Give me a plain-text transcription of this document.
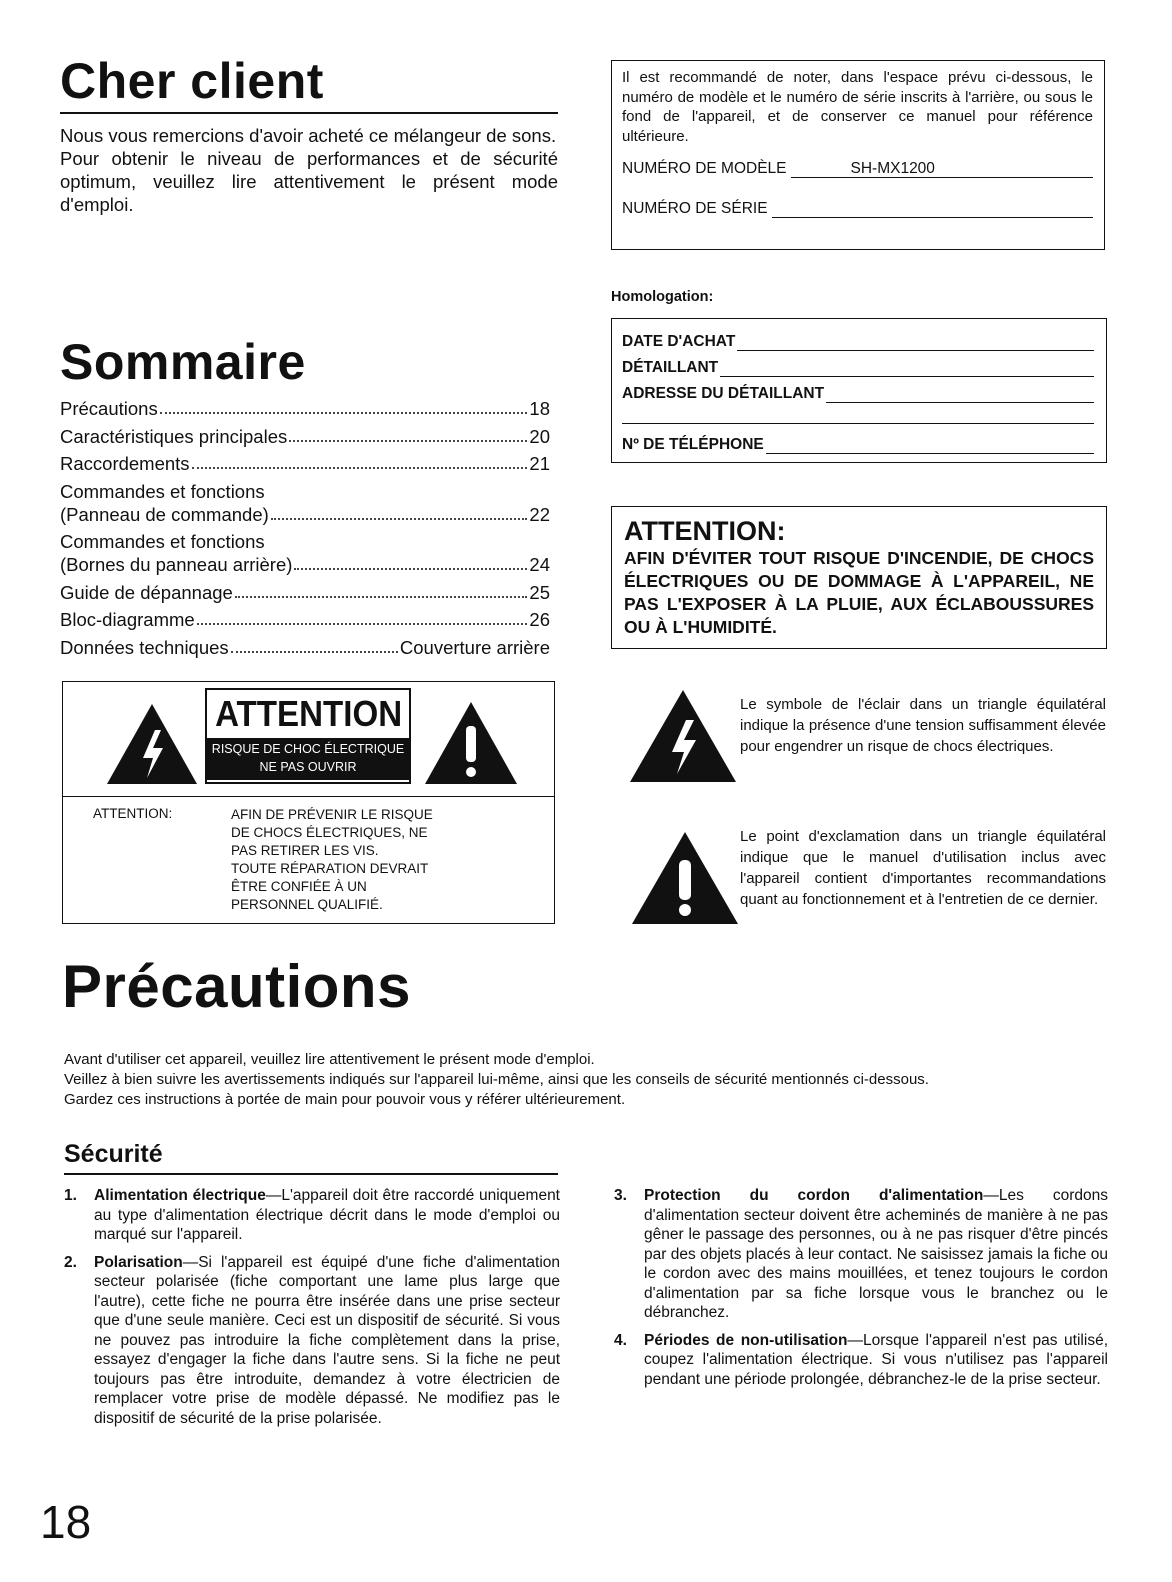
Cher client

Nous vous remercions d'avoir acheté ce mélangeur de sons.

Pour obtenir le niveau de performances et de sécurité optimum, veuillez lire attentivement le présent mode d'emploi.

Il est recommandé de noter, dans l'espace prévu ci-dessous, le numéro de modèle et le numéro de série inscrits à l'arrière, ou sous le fond de l'appareil, et de conserver ce manuel pour référence ultérieure.

NUMÉRO DE MODÈLE	SH-MX1200
NUMÉRO DE SÉRIE
Homologation:
DATE D'ACHAT
DÉTAILLANT
ADRESSE DU DÉTAILLANT
Nº DE TÉLÉPHONE
Sommaire
Précautions	18
Caractéristiques principales	20
Raccordements	21
Commandes et fonctions
(Panneau de commande)	22
Commandes et fonctions
(Bornes du panneau arrière)	24
Guide de dépannage	25
Bloc-diagramme	26
Données techniques	Couverture arrière
ATTENTION:

AFIN D'ÉVITER TOUT RISQUE D'INCENDIE, DE CHOCS ÉLECTRIQUES OU DE DOMMAGE À L'APPAREIL, NE PAS L'EXPOSER À LA PLUIE, AUX ÉCLABOUSSURES OU À L'HUMIDITÉ.

ATTENTION
RISQUE DE CHOC ÉLECTRIQUE
NE PAS OUVRIR
ATTENTION:	AFIN DE PRÉVENIR LE RISQUE
DE CHOCS ÉLECTRIQUES, NE
PAS RETIRER LES VIS.
TOUTE RÉPARATION DEVRAIT
ÊTRE CONFIÉE À UN
PERSONNEL QUALIFIÉ.

Le symbole de l'éclair dans un triangle équilatéral indique la présence d'une tension suffisamment élevée pour engendrer un risque de chocs électriques.

Le point d'exclamation dans un triangle équilatéral indique que le manuel d'utilisation inclus avec l'appareil contient d'importantes recommandations quant au fonctionnement et à l'entretien de ce dernier.

Précautions
Avant d'utiliser cet appareil, veuillez lire attentivement le présent mode d'emploi.
Veillez à bien suivre les avertissements indiqués sur l'appareil lui-même, ainsi que les conseils de sécurité mentionnés ci-dessous.
Gardez ces instructions à portée de main pour pouvoir vous y référer ultérieurement.
Sécurité
1.	Alimentation électrique—L'appareil doit être raccordé uniquement au type d'alimentation électrique décrit dans le mode d'emploi ou marqué sur l'appareil.
2.	Polarisation—Si l'appareil est équipé d'une fiche d'alimentation secteur polarisée (fiche comportant une lame plus large que l'autre), cette fiche ne pourra être insérée dans une prise secteur que d'une seule manière. Ceci est un dispositif de sécurité. Si vous ne pouvez pas introduire la fiche complètement dans la prise, essayez d'engager la fiche dans l'autre sens. Si la fiche ne peut toujours pas être introduite, demandez à votre électricien de remplacer votre prise de modèle dépassé. Ne modifiez pas le dispositif de sécurité de la prise polarisée.
3.	Protection du cordon d'alimentation—Les cordons d'alimentation secteur doivent être acheminés de manière à ne pas gêner le passage des personnes, ou à ne pas risquer d'être pincés par des objets placés à leur contact. Ne saisissez jamais la fiche ou le cordon avec des mains mouillées, et tenez toujours le cordon d'alimentation par sa fiche lorsque vous le branchez ou le débranchez.
4.	Périodes de non-utilisation—Lorsque l'appareil n'est pas utilisé, coupez l'alimentation électrique. Si vous n'utilisez pas l'appareil pendant une période prolongée, débranchez-le de la prise secteur.
18
